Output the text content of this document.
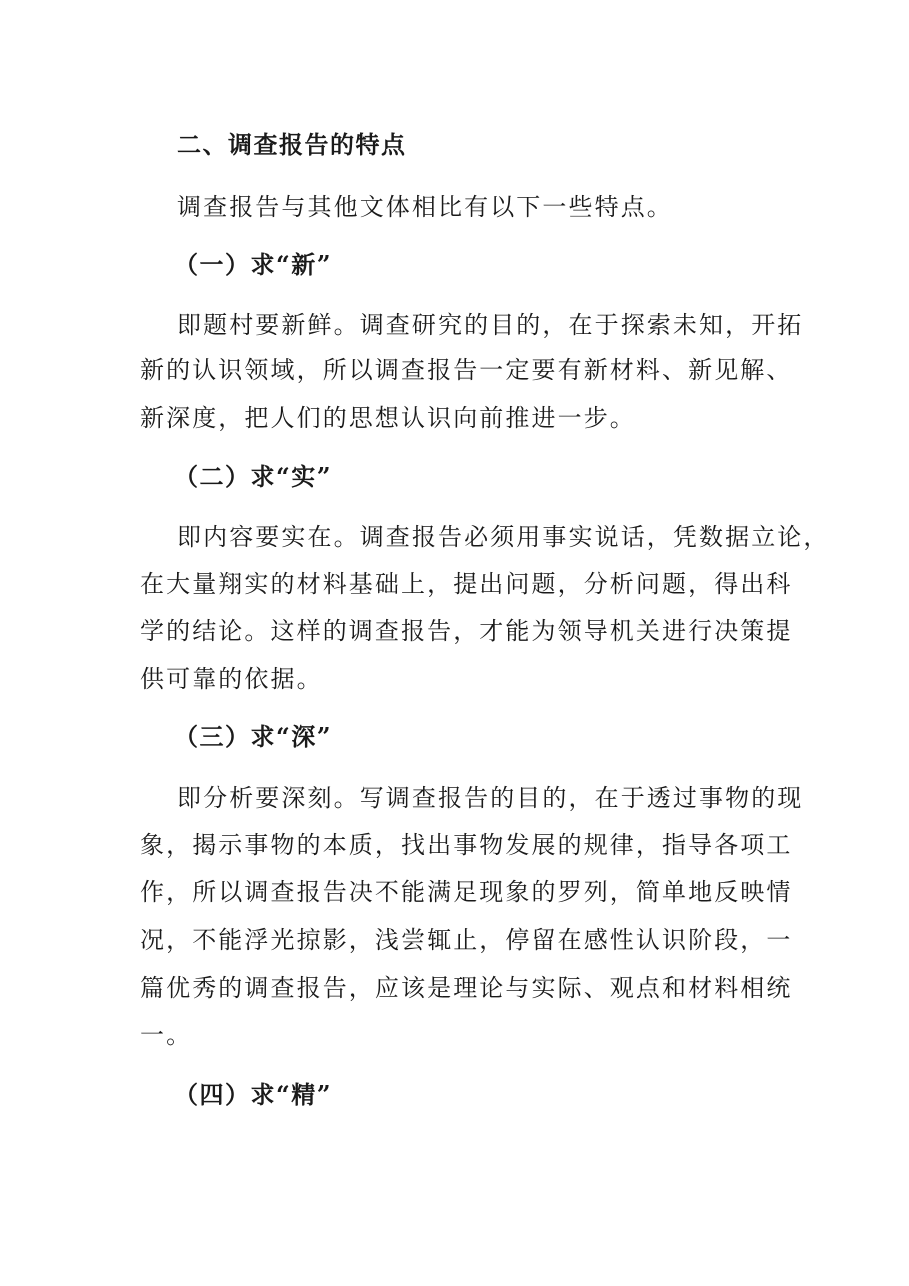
二、调查报告的特点
调查报告与其他文体相比有以下一些特点。
（一）求“新”
即题村要新鲜。调查研究的目的，在于探索未知，开拓
新的认识领域，所以调查报告一定要有新材料、新见解、
新深度，把人们的思想认识向前推进一步。
（二）求“实”
即内容要实在。调查报告必须用事实说话，凭数据立论，
在大量翔实的材料基础上，提出问题，分析问题，得出科
学的结论。这样的调查报告，才能为领导机关进行决策提
供可靠的依据。
（三）求“深”
即分析要深刻。写调查报告的目的，在于透过事物的现
象，揭示事物的本质，找出事物发展的规律，指导各项工
作，所以调查报告决不能满足现象的罗列，简单地反映情
况，不能浮光掠影，浅尝辄止，停留在感性认识阶段，一
篇优秀的调查报告，应该是理论与实际、观点和材料相统
一。
（四）求“精”
